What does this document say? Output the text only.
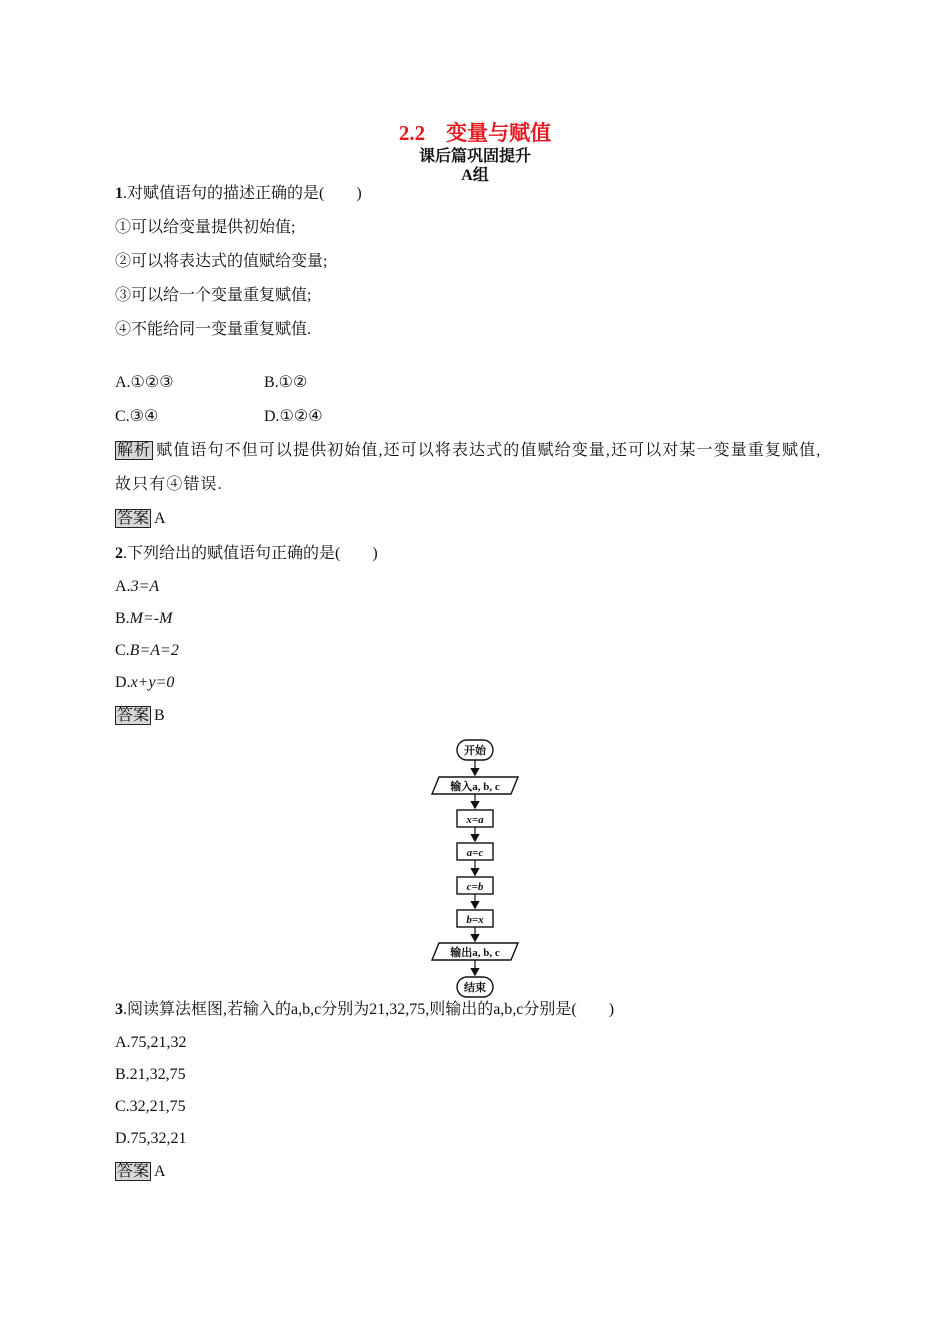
2.2　变量与赋值
课后篇巩固提升
A组
1.对赋值语句的描述正确的是(　　)
①可以给变量提供初始值;
②可以将表达式的值赋给变量;
③可以给一个变量重复赋值;
④不能给同一变量重复赋值.
A.①②③	B.①②
C.③④	D.①②④
解析 赋值语句不但可以提供初始值,还可以将表达式的值赋给变量,还可以对某一变量重复赋值,故只有④错误.
答案 A
2.下列给出的赋值语句正确的是(　　)
A.3=A
B.M=-M
C.B=A=2
D.x+y=0
答案 B
开始
输入a, b, c
x=a
a=c
c=b
b=x
输出a, b, c
结束
3.阅读算法框图,若输入的a,b,c分别为21,32,75,则输出的a,b,c分别是(　　)
A.75,21,32
B.21,32,75
C.32,21,75
D.75,32,21
答案 A
